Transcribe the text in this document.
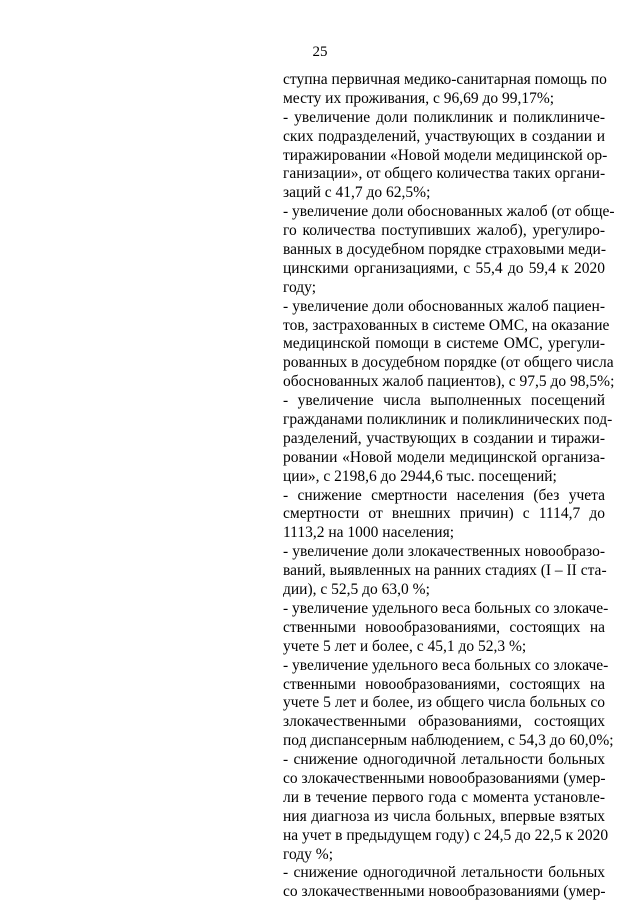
25
ступна первичная медико-санитарная помощь по
месту их проживания, с 96,69 до 99,17%;
- увеличение доли поликлиник и поликлиниче-
ских подразделений, участвующих в создании и
тиражировании «Новой модели медицинской ор-
ганизации», от общего количества таких органи-
заций с 41,7 до 62,5%;
- увеличение доли обоснованных жалоб (от обще-
го количества поступивших жалоб), урегулиро-
ванных в досудебном порядке страховыми меди-
цинскими организациями, с 55,4 до 59,4 к 2020
году;
- увеличение доли обоснованных жалоб пациен-
тов, застрахованных в системе ОМС, на оказание
медицинской помощи в системе ОМС, урегули-
рованных в досудебном порядке (от общего числа
обоснованных жалоб пациентов), с 97,5 до 98,5%;
- увеличение числа выполненных посещений
гражданами поликлиник и поликлинических под-
разделений, участвующих в создании и тиражи-
ровании «Новой модели медицинской организа-
ции», с 2198,6 до 2944,6 тыс. посещений;
- снижение смертности населения (без учета
смертности от внешних причин) с 1114,7 до
1113,2 на 1000 населения;
- увеличение доли злокачественных новообразо-
ваний, выявленных на ранних стадиях (I – II ста-
дии), с 52,5 до 63,0 %;
- увеличение удельного веса больных со злокаче-
ственными новообразованиями, состоящих на
учете 5 лет и более, с 45,1 до 52,3 %;
- увеличение удельного веса больных со злокаче-
ственными новообразованиями, состоящих на
учете 5 лет и более, из общего числа больных со
злокачественными образованиями, состоящих
под диспансерным наблюдением, с 54,3 до 60,0%;
- снижение одногодичной летальности больных
со злокачественными новообразованиями (умер-
ли в течение первого года с момента установле-
ния диагноза из числа больных, впервые взятых
на учет в предыдущем году) с 24,5 до 22,5 к 2020
году %;
- снижение одногодичной летальности больных
со злокачественными новообразованиями (умер-
